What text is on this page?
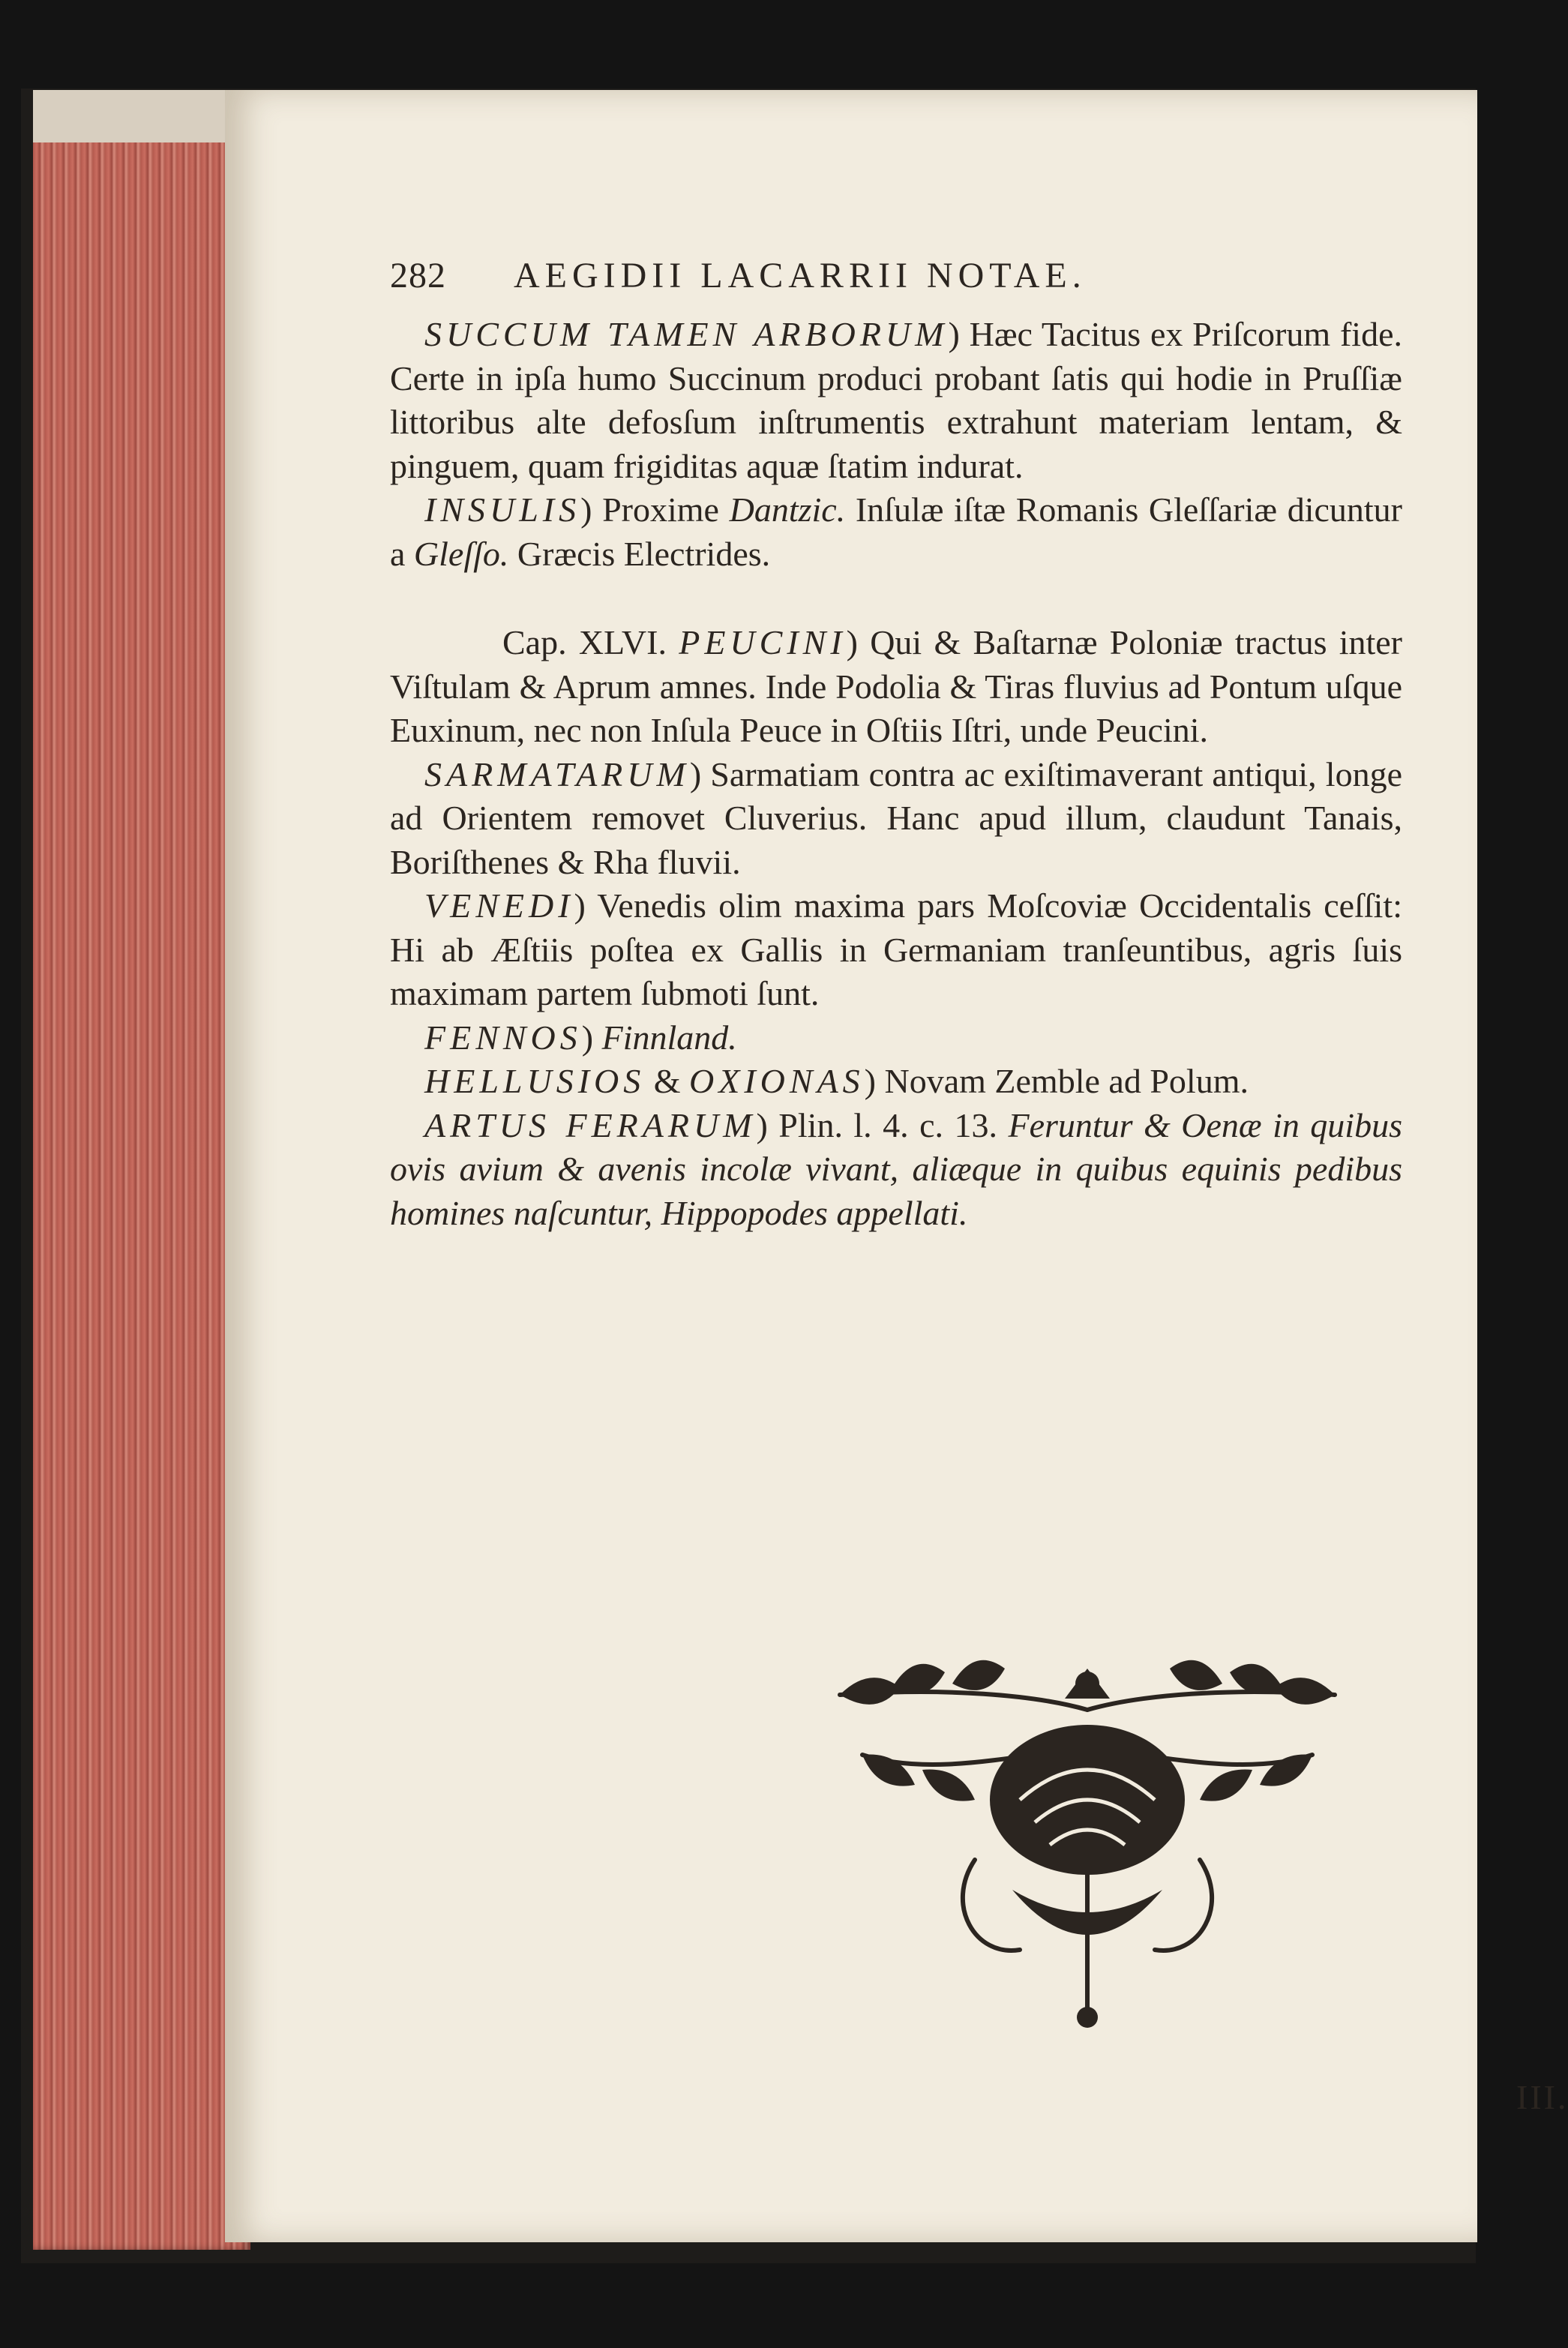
282 AEGIDII LACARRII NOTAE.

SUCCUM TAMEN ARBORUM) Hæc Tacitus ex Priſcorum fide. Certe in ipſa humo Succinum produci probant ſatis qui hodie in Pruſſiæ littoribus alte defosſum inſtrumentis extrahunt materiam lentam, & pinguem, quam frigiditas aquæ ſtatim indurat.

INSULIS) Proxime Dantzic. Inſulæ iſtæ Romanis Gleſſariæ dicuntur a Gleſſo. Græcis Electrides.

Cap. XLVI. PEUCINI) Qui & Baſtarnæ Poloniæ tractus inter Viſtulam & Aprum amnes. Inde Podolia & Tiras fluvius ad Pontum uſque Euxinum, nec non Inſula Peuce in Oſtiis Iſtri, unde Peucini.

SARMATARUM) Sarmatiam contra ac exiſtimaverant antiqui, longe ad Orientem removet Cluverius. Hanc apud illum, claudunt Tanais, Boriſthenes & Rha fluvii.

VENEDI) Venedis olim maxima pars Moſcoviæ Occidentalis ceſſit: Hi ab Æſtiis poſtea ex Gallis in Germaniam tranſeuntibus, agris ſuis maximam partem ſubmoti ſunt.

FENNOS) Finnland.

HELLUSIOS & OXIONAS) Novam Zemble ad Polum.

ARTUS FERARUM) Plin. l. 4. c. 13. Feruntur & Oenæ in quibus ovis avium & avenis incolæ vivant, aliæque in quibus equinis pedibus homines naſcuntur, Hippopodes appellati.

III.
